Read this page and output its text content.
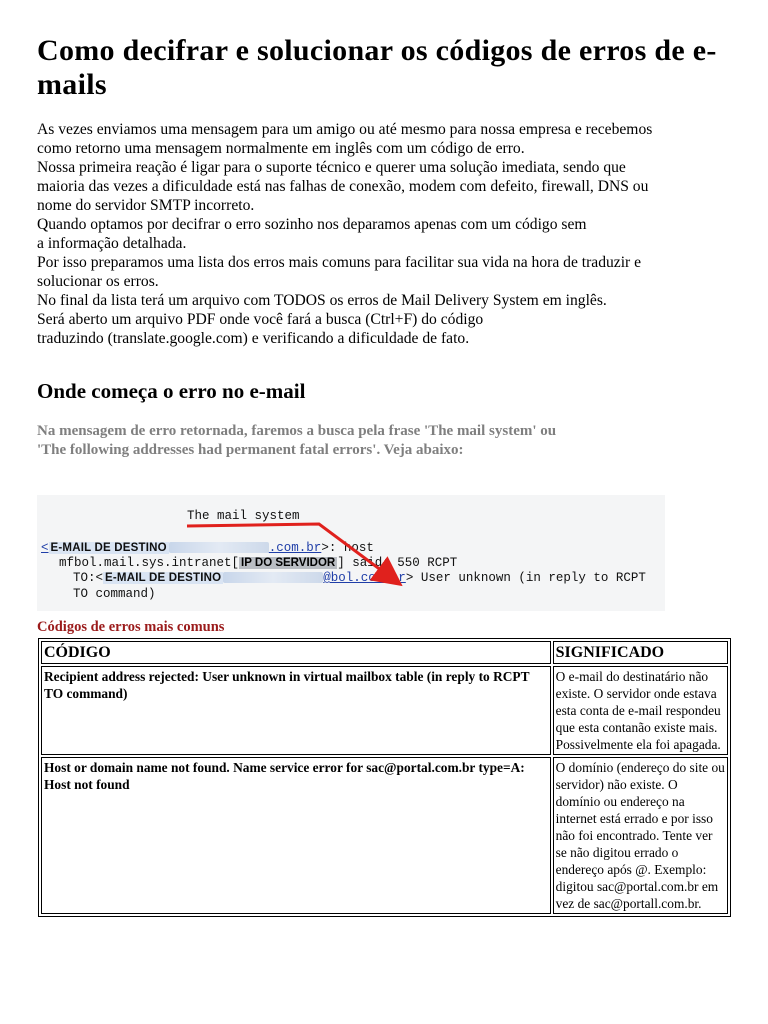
Como decifrar e solucionar os códigos de erros de e-mails
As vezes enviamos uma mensagem para um amigo ou até mesmo para nossa empresa e recebemos
como retorno uma mensagem normalmente em inglês com um código de erro.
Nossa primeira reação é ligar para o suporte técnico e querer uma solução imediata, sendo que
maioria das vezes a dificuldade está nas falhas de conexão, modem com defeito, firewall, DNS ou
nome do servidor SMTP incorreto.
Quando optamos por decifrar o erro sozinho nos deparamos apenas com um código sem
a informação detalhada.
Por isso preparamos uma lista dos erros mais comuns para facilitar sua vida na hora de traduzir e
solucionar os erros.
No final da lista terá um arquivo com TODOS os erros de Mail Delivery System em inglês.
Será aberto um arquivo PDF onde você fará a busca (Ctrl+F) do código
traduzindo (translate.google.com) e verificando a dificuldade de fato.
Onde começa o erro no e-mail
Na mensagem de erro retornada, faremos a busca pela frase 'The mail system' ou
'The following addresses had permanent fatal errors'. Veja abaixo:
The mail system
< E-MAIL DE DESTINO	.com.br>: host
mfbol.mail.sys.intranet[ IP DO SERVIDOR ] said: 550 RCPT
TO:< E-MAIL DE DESTINO	@bol.com.br> User unknown (in reply to RCPT
TO command)
Códigos de erros mais comuns
CÓDIGO	SIGNIFICADO
Recipient address rejected: User unknown in virtual mailbox table (in reply to RCPT TO command)	O e-mail do destinatário não existe. O servidor onde estava esta conta de e-mail respondeu que esta contanão existe mais. Possivelmente ela foi apagada.
Host or domain name not found. Name service error for sac@portal.com.br type=A: Host not found	O domínio (endereço do site ou servidor) não existe. O domínio ou endereço na internet está errado e por isso não foi encontrado. Tente ver se não digitou errado o endereço após @. Exemplo: digitou sac@portal.com.br em vez de sac@portall.com.br.
